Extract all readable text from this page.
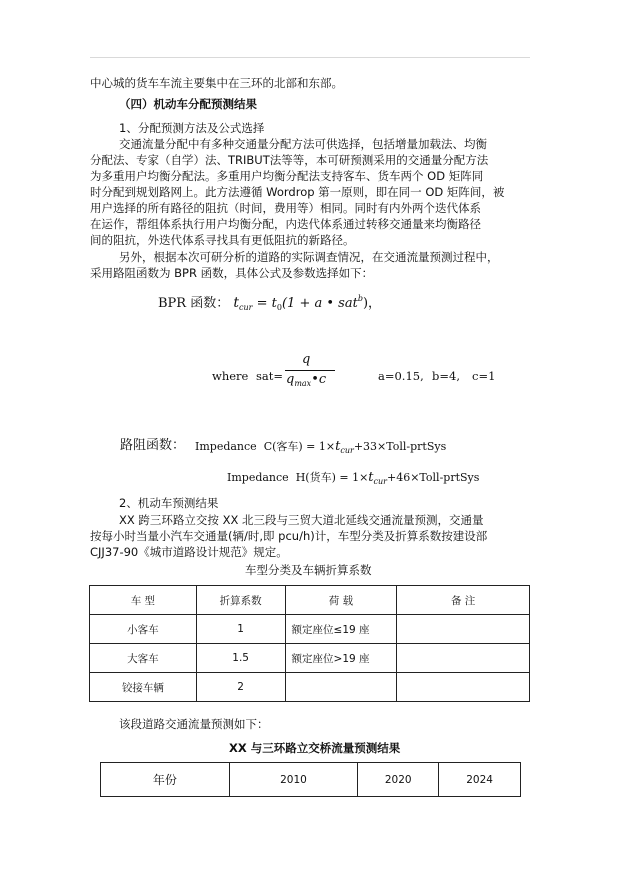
中心城的货车车流主要集中在三环的北部和东部。
（四）机动车分配预测结果
1、分配预测方法及公式选择
交通流量分配中有多种交通量分配方法可供选择，包括增量加载法、均衡
分配法、专家（自学）法、TRIBUT法等等，本可研预测采用的交通量分配方法
为多重用户均衡分配法。多重用户均衡分配法支持客车、货车两个 OD 矩阵同
时分配到规划路网上。此方法遵循 Wordrop 第一原则，即在同一 OD 矩阵间，被
用户选择的所有路径的阻抗（时间，费用等）相同。同时有内外两个迭代体系
在运作，帮组体系执行用户均衡分配，内迭代体系通过转移交通量来均衡路径
间的阻抗，外迭代体系寻找具有更低阻抗的新路径。
另外，根据本次可研分析的道路的实际调查情况，在交通流量预测过程中，
采用路阻函数为 BPR 函数，具体公式及参数选择如下：
BPR 函数： $t_{cur} = t_0(1 + a$ • sat$^b$)，
where sat=
q
$q_{max}•c$	a=0.15, b=4, c=1
路阻函数： Impedance C(客车) = $1\times t_{cur}+33\times Toll$-prtSys
Impedance H(货车) = $1\times t_{cur}+46\times Toll$-prtSys
2、机动车预测结果
XX 跨三环路立交按 XX 北三段与三贸大道北延线交通流量预测，交通量
按每小时当量小汽车交通量(辆/时,即 pcu/h)计，车型分类及折算系数按建设部
CJJ37-90《城市道路设计规范》规定。
车型分类及车辆折算系数
车 型	折算系数	荷 载	备 注
小客车	1	额定座位≤19 座	
大客车	1.5	额定座位>19 座	
铰接车辆	2		
该段道路交通流量预测如下：
XX 与三环路立交桥流量预测结果
年份	2010	2020	2024
